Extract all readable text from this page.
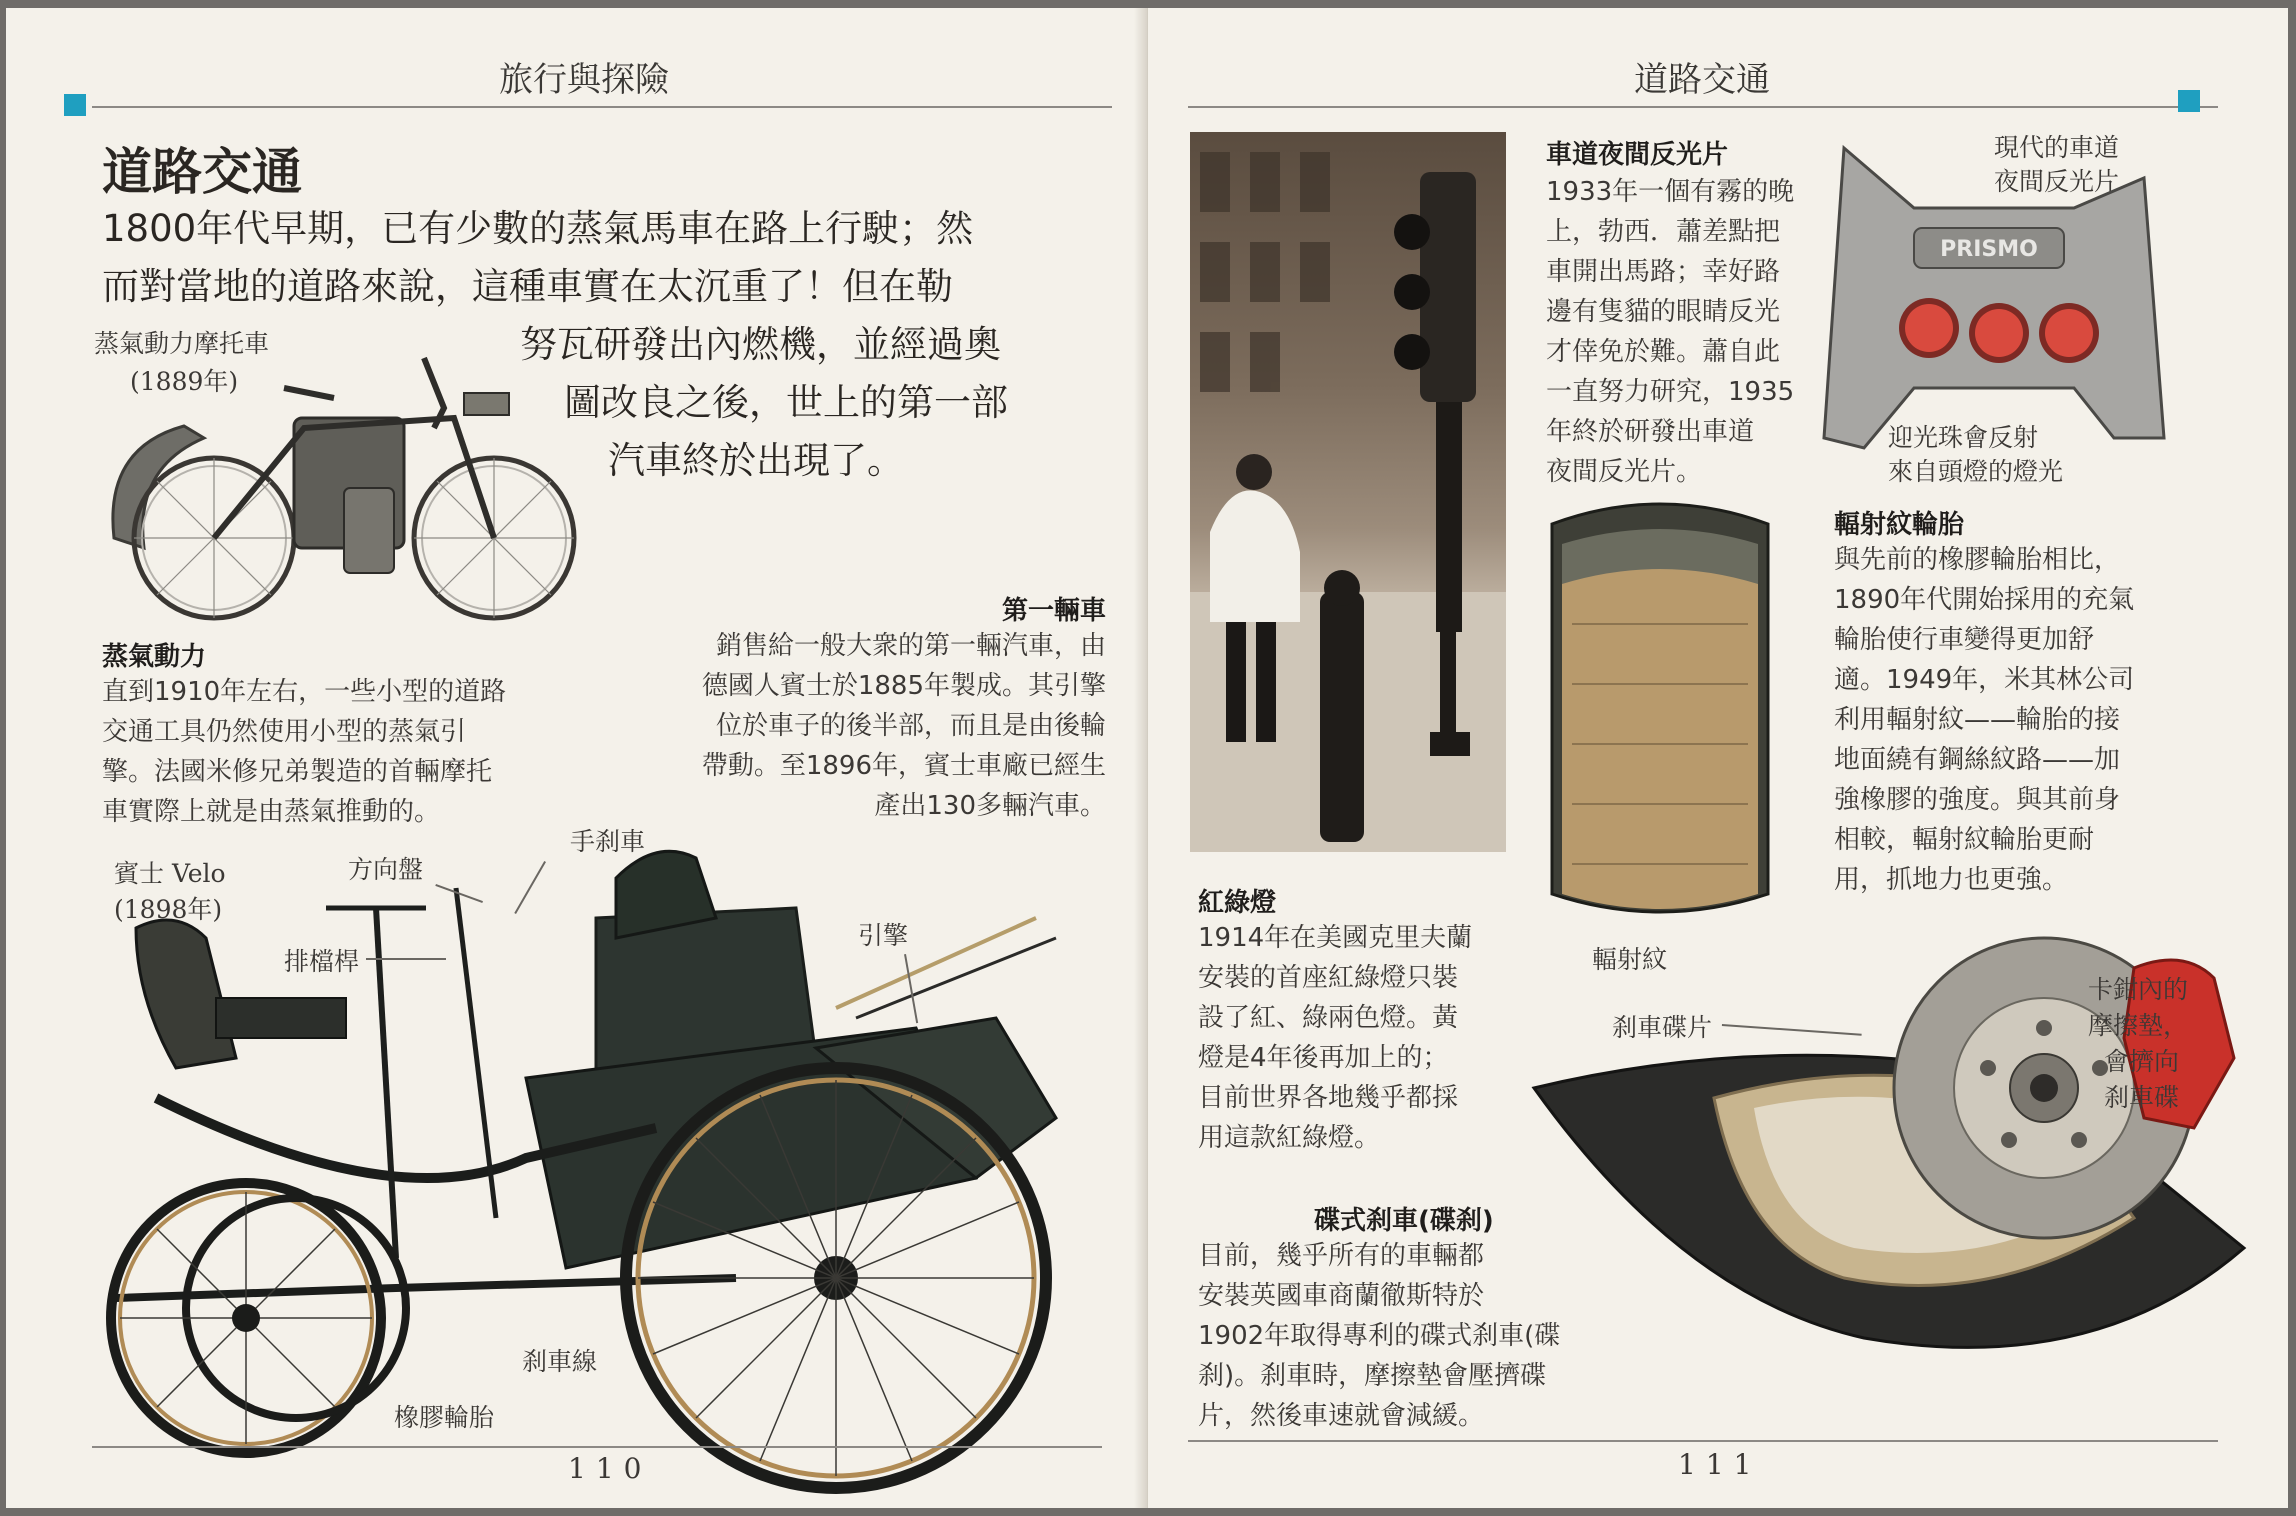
旅行與探險

道路交通

1800年代早期，已有少數的蒸氣馬車在路上行駛；然

而對當地的道路來說，這種車實在太沉重了！但在勒

努瓦研發出內燃機，並經過奧

圖改良之後，世上的第一部

汽車終於出現了。

蒸氣動力摩托車

(1889年)

蒸氣動力

直到1910年左右，一些小型的道路

交通工具仍然使用小型的蒸氣引

擎。法國米修兄弟製造的首輛摩托

車實際上就是由蒸氣推動的。

第一輛車

銷售給一般大衆的第一輛汽車，由

德國人賓士於1885年製成。其引擎

位於車子的後半部，而且是由後輪

帶動。至1896年，賓士車廠已經生

產出130多輛汽車。

賓士 Velo

(1898年)

方向盤

手刹車

排檔桿

引擎

刹車線

橡膠輪胎

110

道路交通

車道夜間反光片

1933年一個有霧的晚

上，勃西．蕭差點把

車開出馬路；幸好路

邊有隻貓的眼睛反光

才倖免於難。蕭自此

一直努力研究，1935

年終於研發出車道

夜間反光片。

現代的車道

夜間反光片

PRISMO

迎光珠會反射

來自頭燈的燈光

輻射紋

輻射紋輪胎

與先前的橡膠輪胎相比，

1890年代開始採用的充氣

輪胎使行車變得更加舒

適。1949年，米其林公司

利用輻射紋——輪胎的接

地面繞有鋼絲紋路——加

強橡膠的強度。與其前身

相較，輻射紋輪胎更耐

用，抓地力也更強。

紅綠燈

1914年在美國克里夫蘭

安裝的首座紅綠燈只裝

設了紅、綠兩色燈。黃

燈是4年後再加上的；

目前世界各地幾乎都採

用這款紅綠燈。

碟式刹車(碟刹)

目前，幾乎所有的車輛都

安裝英國車商蘭徹斯特於

1902年取得專利的碟式刹車(碟

刹)。刹車時，摩擦墊會壓擠碟

片，然後車速就會減緩。

刹車碟片

卡鉗內的

摩擦墊，

會擠向

刹車碟

111
